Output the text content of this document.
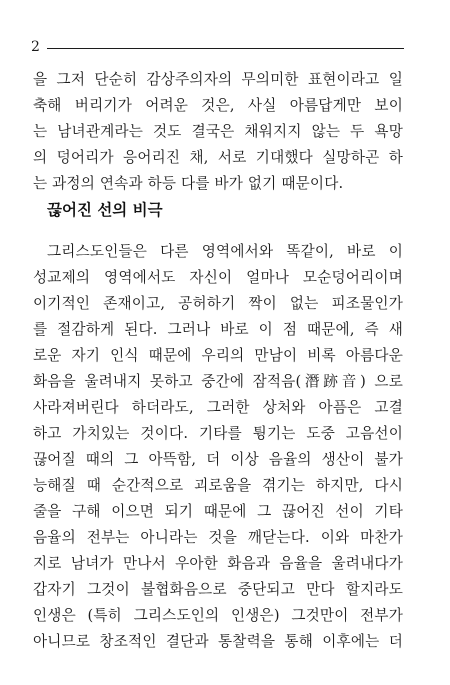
2
을 그저 단순히 감상주의자의 무의미한 표현이라고 일
축해 버리기가 어려운 것은, 사실 아름답게만 보이
는 남녀관계라는 것도 결국은 채워지지 않는 두 욕망
의 덩어리가 응어리진 채, 서로 기대했다 실망하곤 하
는 과정의 연속과 하등 다를 바가 없기 때문이다.
끊어진 선의 비극
그리스도인들은 다른 영역에서와 똑같이, 바로 이
성교제의 영역에서도 자신이 얼마나 모순덩어리이며
이기적인 존재이고, 공허하기 짝이 없는 피조물인가
를 절감하게 된다. 그러나 바로 이 점 때문에, 즉 새
로운 자기 인식 때문에 우리의 만남이 비록 아름다운
화음을 울려내지 못하고 중간에 잠적음(潛跡音) 으로
사라져버린다 하더라도, 그러한 상처와 아픔은 고결
하고 가치있는 것이다. 기타를 튕기는 도중 고음선이
끊어질 때의 그 아뜩함, 더 이상 음율의 생산이 불가
능해질 때 순간적으로 괴로움을 겪기는 하지만, 다시
줄을 구해 이으면 되기 때문에 그 끊어진 선이 기타
음율의 전부는 아니라는 것을 깨닫는다. 이와 마찬가
지로 남녀가 만나서 우아한 화음과 음율을 울려내다가
갑자기 그것이 불협화음으로 중단되고 만다 할지라도
인생은 (특히 그리스도인의 인생은) 그것만이 전부가
아니므로 창조적인 결단과 통찰력을 통해 이후에는 더
